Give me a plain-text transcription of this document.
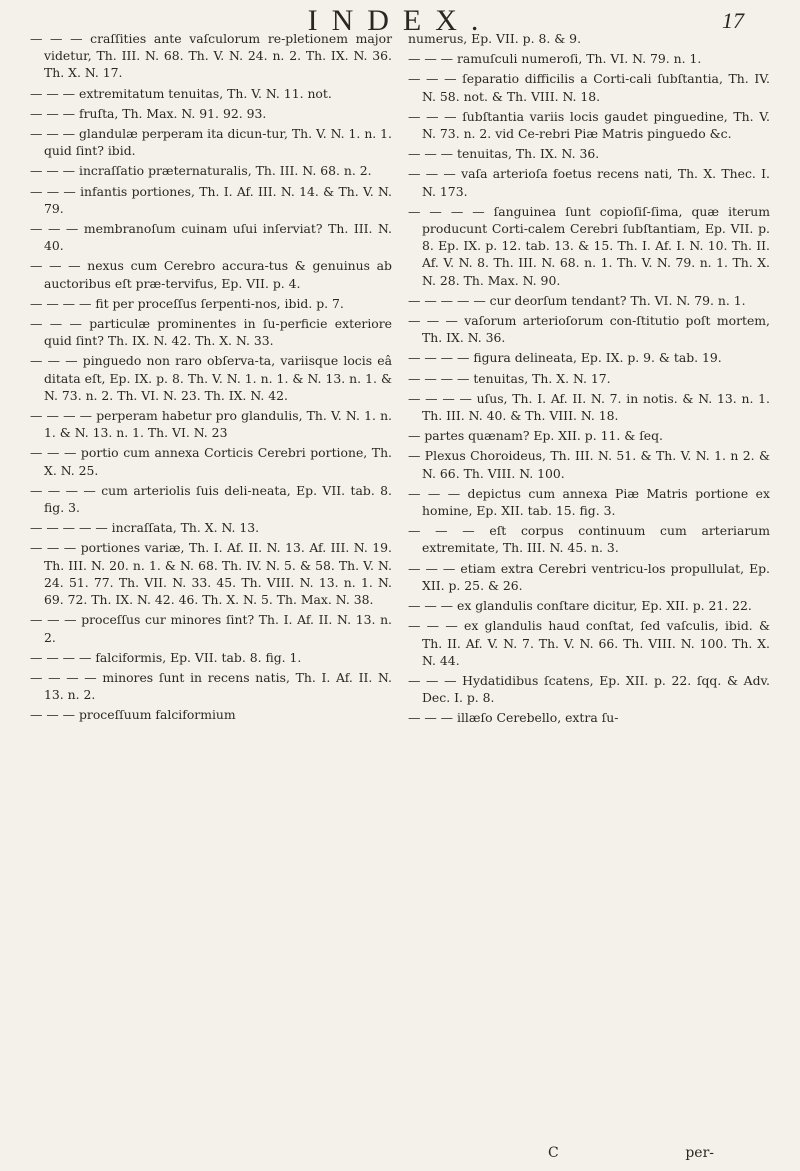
INDEX.	17

— — — craſſities ante vaſculorum re-pletionem major videtur, Th. III. N. 68. Th. V. N. 24. n. 2. Th. IX. N. 36. Th. X. N. 17.

— — — extremitatum tenuitas, Th. V. N. 11. not.

— — — fruſta, Th. Max. N. 91. 92. 93.

— — — glandulæ perperam ita dicun-tur, Th. V. N. 1. n. 1. quid ſint? ibid.

— — — incraſſatio præternaturalis, Th. III. N. 68. n. 2.

— — — infantis portiones, Th. I. Af. III. N. 14. & Th. V. N. 79.

— — — membranoſum cuinam uſui inſerviat? Th. III. N. 40.

— — — nexus cum Cerebro accura-tus & genuinus ab auctoribus eſt præ-tervifus, Ep. VII. p. 4.

— — — — fit per proceſſus ſerpenti-nos, ibid. p. 7.

— — — particulæ prominentes in ſu-perficie exteriore quid ſint? Th. IX. N. 42. Th. X. N. 33.

— — — pinguedo non raro obſerva-ta, variisque locis eâ ditata eſt, Ep. IX. p. 8. Th. V. N. 1. n. 1. & N. 13. n. 1. & N. 73. n. 2. Th. VI. N. 23. Th. IX. N. 42.

— — — — perperam habetur pro glandulis, Th. V. N. 1. n. 1. & N. 13. n. 1. Th. VI. N. 23

— — — portio cum annexa Corticis Cerebri portione, Th. X. N. 25.

— — — — cum arteriolis ſuis deli-neata, Ep. VII. tab. 8. fig. 3.

— — — — — incraſſata, Th. X. N. 13.

— — — portiones variæ, Th. I. Af. II. N. 13. Af. III. N. 19. Th. III. N. 20. n. 1. & N. 68. Th. IV. N. 5. & 58. Th. V. N. 24. 51. 77. Th. VII. N. 33. 45. Th. VIII. N. 13. n. 1. N. 69. 72. Th. IX. N. 42. 46. Th. X. N. 5. Th. Max. N. 38.

— — — proceſſus cur minores ſint? Th. I. Af. II. N. 13. n. 2.

— — — — falciformis, Ep. VII. tab. 8. fig. 1.

— — — — minores ſunt in recens natis, Th. I. Af. II. N. 13. n. 2.

— — — proceſſuum falciformium

numerus, Ep. VII. p. 8. & 9.

— — — ramuſculi numeroſi, Th. VI. N. 79. n. 1.

— — — ſeparatio difficilis a Corti-cali ſubſtantia, Th. IV. N. 58. not. & Th. VIII. N. 18.

— — — ſubſtantia variis locis gaudet pinguedine, Th. V. N. 73. n. 2. vid Ce-rebri Piæ Matris pinguedo &c.

— — — tenuitas, Th. IX. N. 36.

— — — vaſa arterioſa foetus recens nati, Th. X. Thec. I. N. 173.

— — — — ſanguinea ſunt copioſiſ-ſima, quæ iterum producunt Corti-calem Cerebri ſubſtantiam, Ep. VII. p. 8. Ep. IX. p. 12. tab. 13. & 15. Th. I. Af. I. N. 10. Th. II. Af. V. N. 8. Th. III. N. 68. n. 1. Th. V. N. 79. n. 1. Th. X. N. 28. Th. Max. N. 90.

— — — — — cur deorſum tendant? Th. VI. N. 79. n. 1.

— — — vaſorum arterioſorum con-ſtitutio poſt mortem, Th. IX. N. 36.

— — — — figura delineata, Ep. IX. p. 9. & tab. 19.

— — — — tenuitas, Th. X. N. 17.

— — — — uſus, Th. I. Af. II. N. 7. in notis. & N. 13. n. 1. Th. III. N. 40. & Th. VIII. N. 18.

— partes quænam? Ep. XII. p. 11. & ſeq.

— Plexus Choroideus, Th. III. N. 51. & Th. V. N. 1. n 2. & N. 66. Th. VIII. N. 100.

— — — depictus cum annexa Piæ Matris portione ex homine, Ep. XII. tab. 15. fig. 3.

— — — eſt corpus continuum cum arteriarum extremitate, Th. III. N. 45. n. 3.

— — — etiam extra Cerebri ventricu-los propullulat, Ep. XII. p. 25. & 26.

— — — ex glandulis conſtare dicitur, Ep. XII. p. 21. 22.

— — — ex glandulis haud conſtat, ſed vaſculis, ibid. & Th. II. Af. V. N. 7. Th. V. N. 66. Th. VIII. N. 100. Th. X. N. 44.

— — — Hydatidibus ſcatens, Ep. XII. p. 22. ſqq. & Adv. Dec. I. p. 8.

— — — illæſo Cerebello, extra ſu-

C	per-
